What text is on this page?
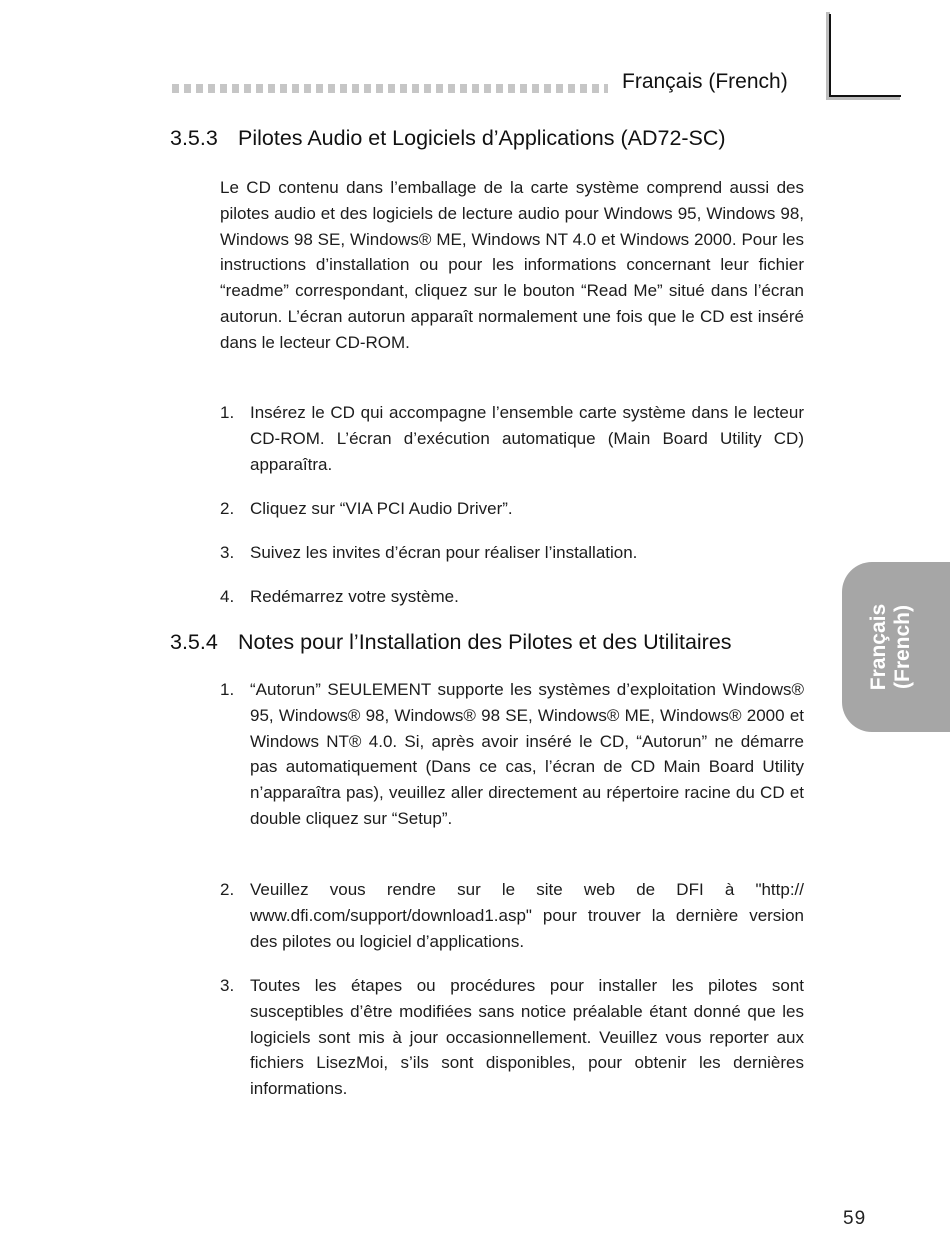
Français (French)
3.5.3 Pilotes Audio et Logiciels d’Applications (AD72-SC)
Le CD contenu dans l’emballage de la carte système comprend aussi des pilotes audio et des logiciels de lecture audio pour Windows 95, Windows 98, Windows 98 SE, Windows® ME, Windows NT 4.0 et Windows 2000. Pour les instructions d’installation ou pour les informations concernant leur fichier “readme” correspondant, cliquez sur le bouton “Read Me” situé dans l’écran autorun. L’écran autorun apparaît normalement une fois que le CD est inséré dans le lecteur CD-ROM.
1. Insérez le CD qui accompagne l’ensemble carte système dans le lecteur CD-ROM. L’écran d’exécution automatique (Main Board Utility CD) apparaîtra.
2. Cliquez sur “VIA PCI Audio Driver”.
3. Suivez les invites d’écran pour réaliser l’installation.
4. Redémarrez votre système.
3.5.4 Notes pour l’Installation des Pilotes et des Utilitaires
1. “Autorun” SEULEMENT supporte les systèmes d’exploitation Windows® 95, Windows® 98, Windows® 98 SE, Windows® ME, Windows® 2000 et Windows NT® 4.0. Si, après avoir inséré le CD, “Autorun” ne démarre pas automatiquement (Dans ce cas, l’écran de CD Main Board Utility n’apparaîtra pas), veuillez aller directement au répertoire racine du CD et double cliquez sur “Setup”.
2. Veuillez vous rendre sur le site web de DFI à "http:// www.dfi.com/support/download1.asp" pour trouver la dernière version des pilotes ou logiciel d’applications.
3. Toutes les étapes ou procédures pour installer les pilotes sont susceptibles d’être modifiées sans notice préalable étant donné que les logiciels sont mis à jour occasionnellement. Veuillez vous reporter aux fichiers LisezMoi, s’ils sont disponibles, pour obtenir les dernières informations.
Français (French)
59
